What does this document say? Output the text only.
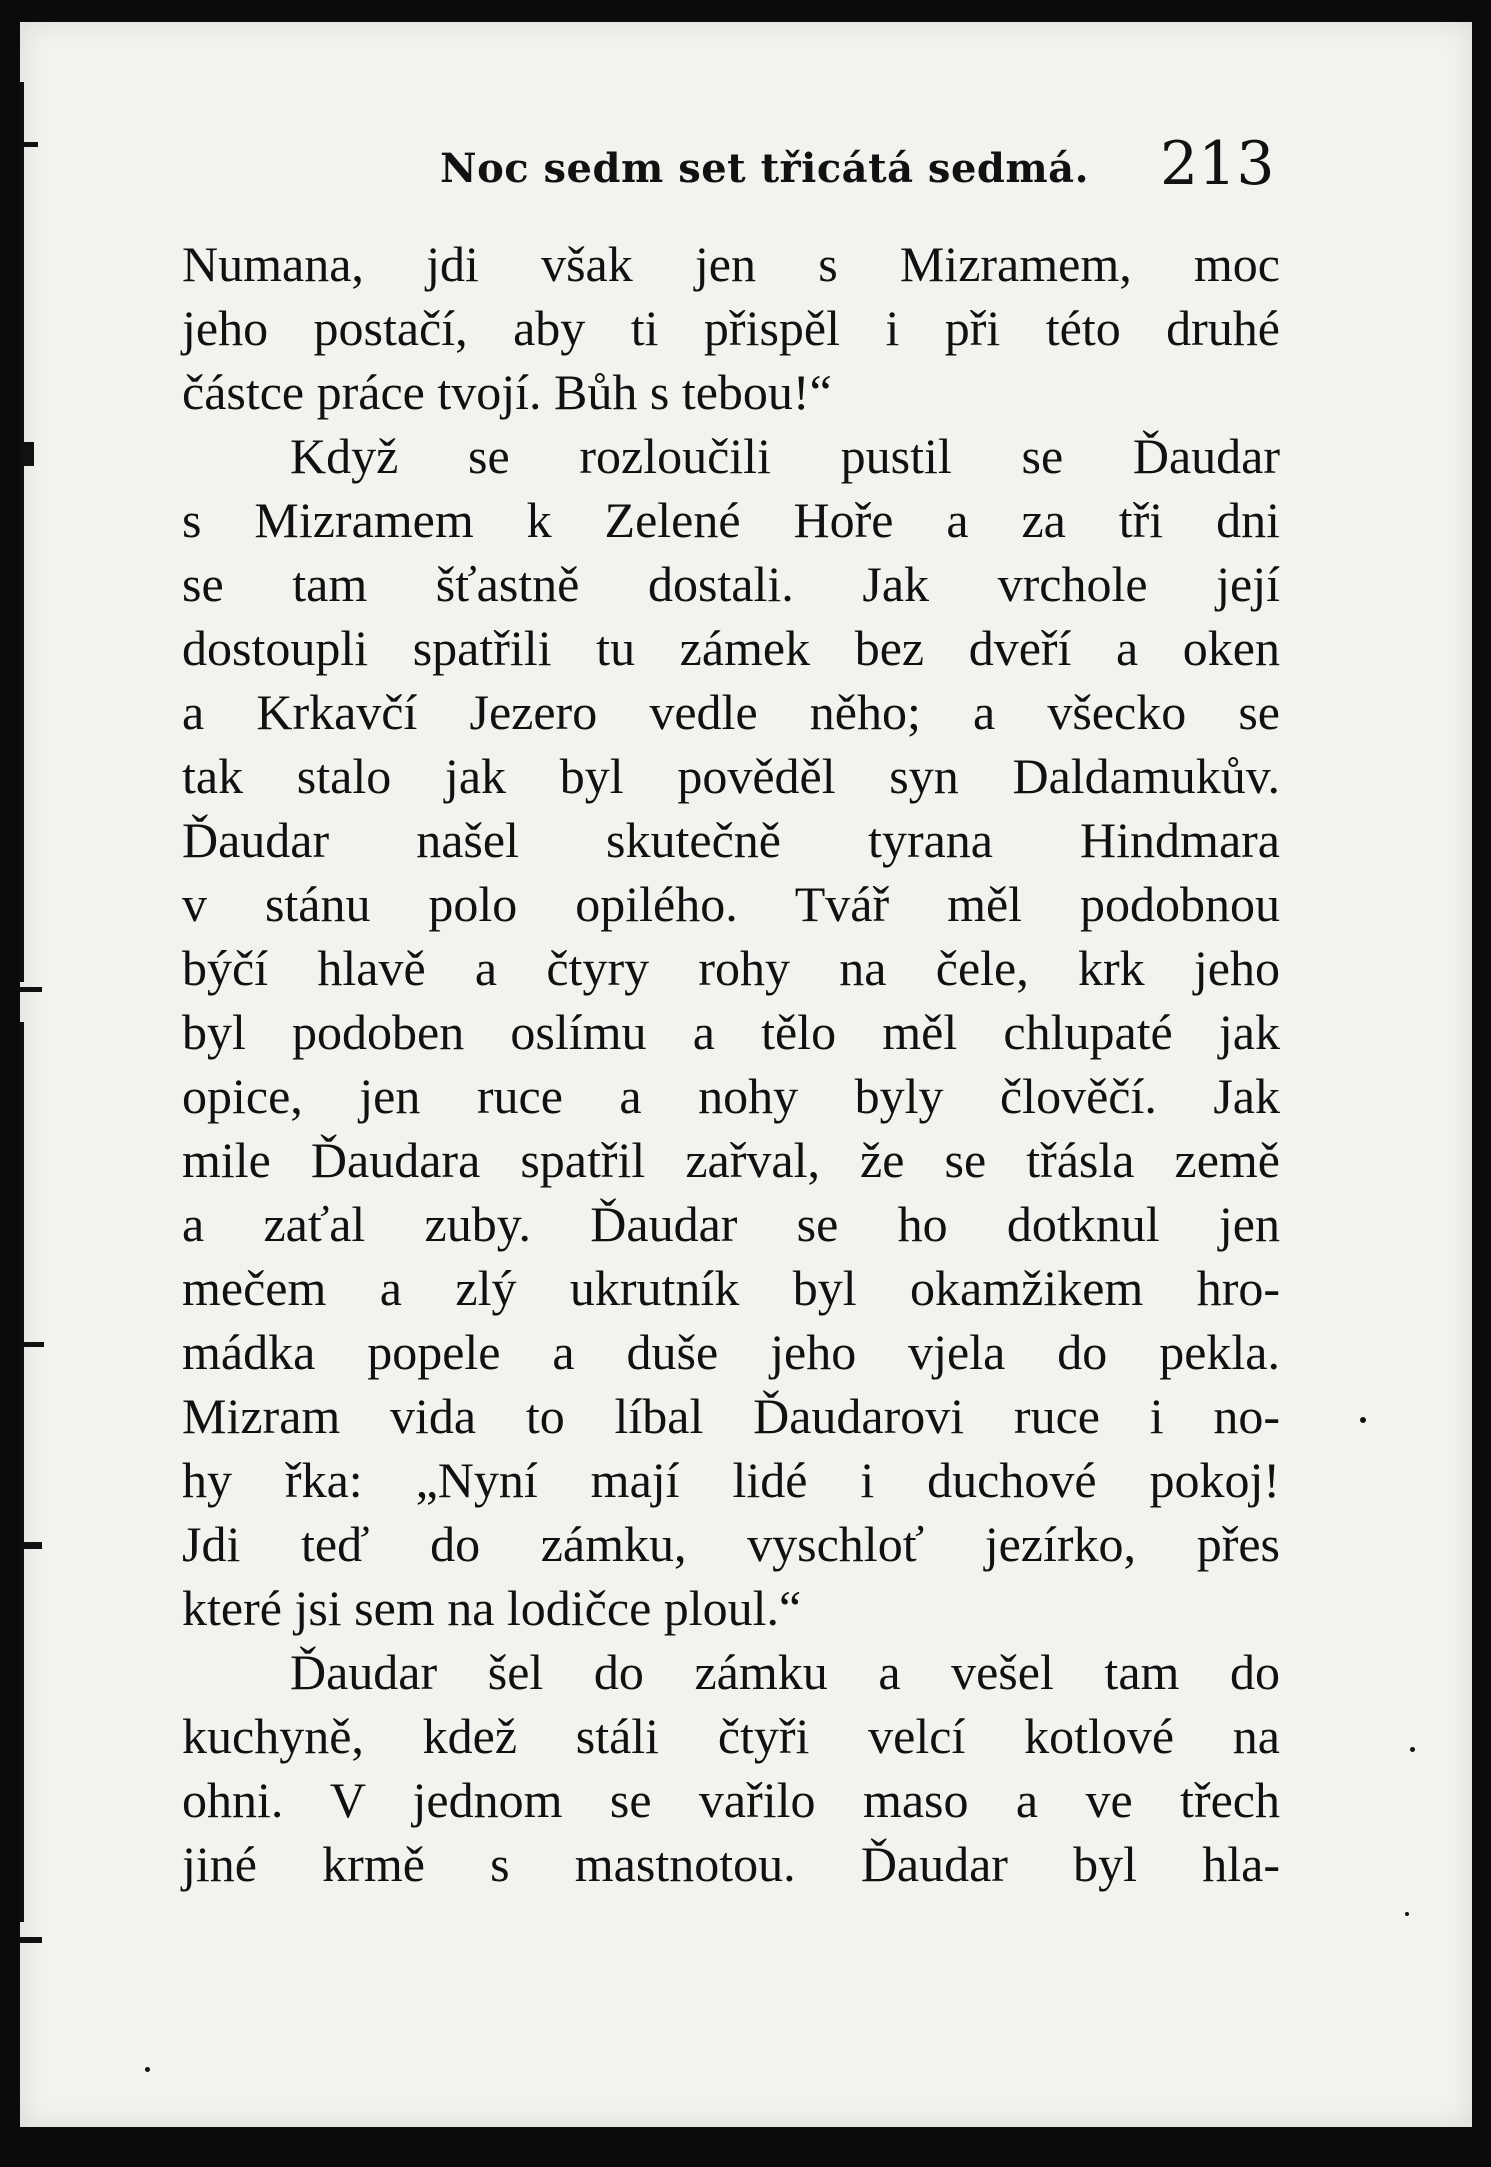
Noc sedm set třicátá sedmá. 213
Numana, jdi však jen s Mizramem, moc
jeho postačí, aby ti přispěl i při této druhé
částce práce tvojí. Bůh s tebou!“
Když se rozloučili pustil se Ďaudar
s Mizramem k Zelené Hoře a za tři dni
se tam šťastně dostali. Jak vrchole její
dostoupli spatřili tu zámek bez dveří a oken
a Krkavčí Jezero vedle něho; a všecko se
tak stalo jak byl pověděl syn Daldamukův.
Ďaudar našel skutečně tyrana Hindmara
v stánu polo opilého. Tvář měl podobnou
býčí hlavě a čtyry rohy na čele, krk jeho
byl podoben oslímu a tělo měl chlupaté jak
opice, jen ruce a nohy byly člověčí. Jak
mile Ďaudara spatřil zařval, že se třásla země
a zaťal zuby. Ďaudar se ho dotknul jen
mečem a zlý ukrutník byl okamžikem hro-
mádka popele a duše jeho vjela do pekla.
Mizram vida to líbal Ďaudarovi ruce i no-
hy řka: „Nyní mají lidé i duchové pokoj!
Jdi teď do zámku, vyschloť jezírko, přes
které jsi sem na lodičce ploul.“
Ďaudar šel do zámku a vešel tam do
kuchyně, kdež stáli čtyři velcí kotlové na
ohni. V jednom se vařilo maso a ve třech
jiné krmě s mastnotou. Ďaudar byl hla-
